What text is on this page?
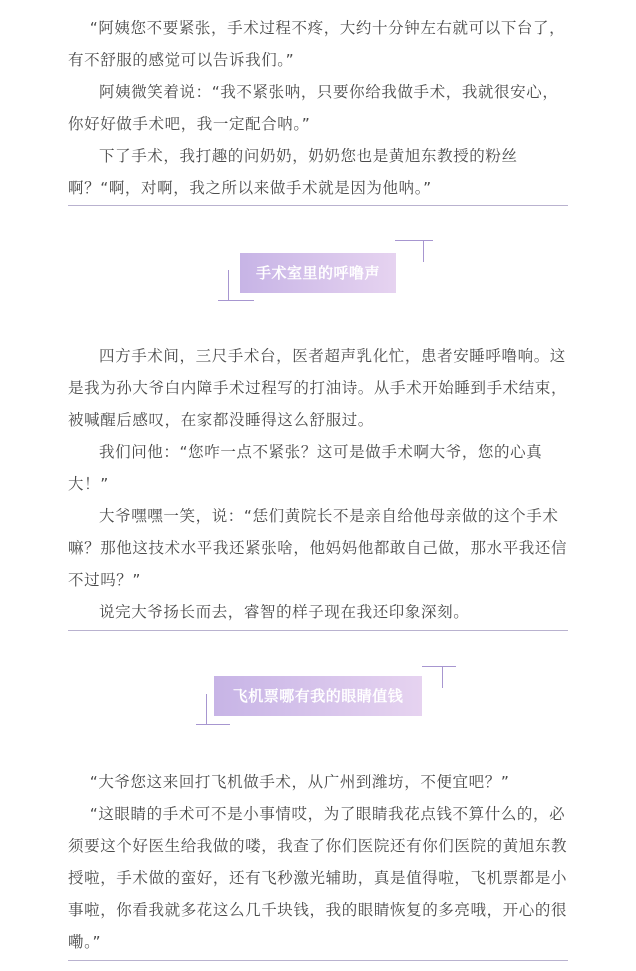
“阿姨您不要紧张，手术过程不疼，大约十分钟左右就可以下台了，有不舒服的感觉可以告诉我们。”

阿姨微笑着说：“我不紧张呐，只要你给我做手术，我就很安心，你好好做手术吧，我一定配合呐。”

下了手术，我打趣的问奶奶，奶奶您也是黄旭东教授的粉丝啊？“啊，对啊，我之所以来做手术就是因为他呐。”

手术室里的呼噜声

四方手术间，三尺手术台，医者超声乳化忙，患者安睡呼噜响。这是我为孙大爷白内障手术过程写的打油诗。从手术开始睡到手术结束，被喊醒后感叹，在家都没睡得这么舒服过。

我们问他：“您咋一点不紧张？这可是做手术啊大爷，您的心真大！”

大爷嘿嘿一笑，说：“恁们黄院长不是亲自给他母亲做的这个手术嘛？那他这技术水平我还紧张啥，他妈妈他都敢自己做，那水平我还信不过吗？”

说完大爷扬长而去，睿智的样子现在我还印象深刻。

飞机票哪有我的眼睛值钱

“大爷您这来回打飞机做手术，从广州到潍坊，不便宜吧？”

“这眼睛的手术可不是小事情哎，为了眼睛我花点钱不算什么的，必须要这个好医生给我做的喽，我查了你们医院还有你们医院的黄旭东教授啦，手术做的蛮好，还有飞秒激光辅助，真是值得啦，飞机票都是小事啦，你看我就多花这么几千块钱，我的眼睛恢复的多亮哦，开心的很嘞。”
